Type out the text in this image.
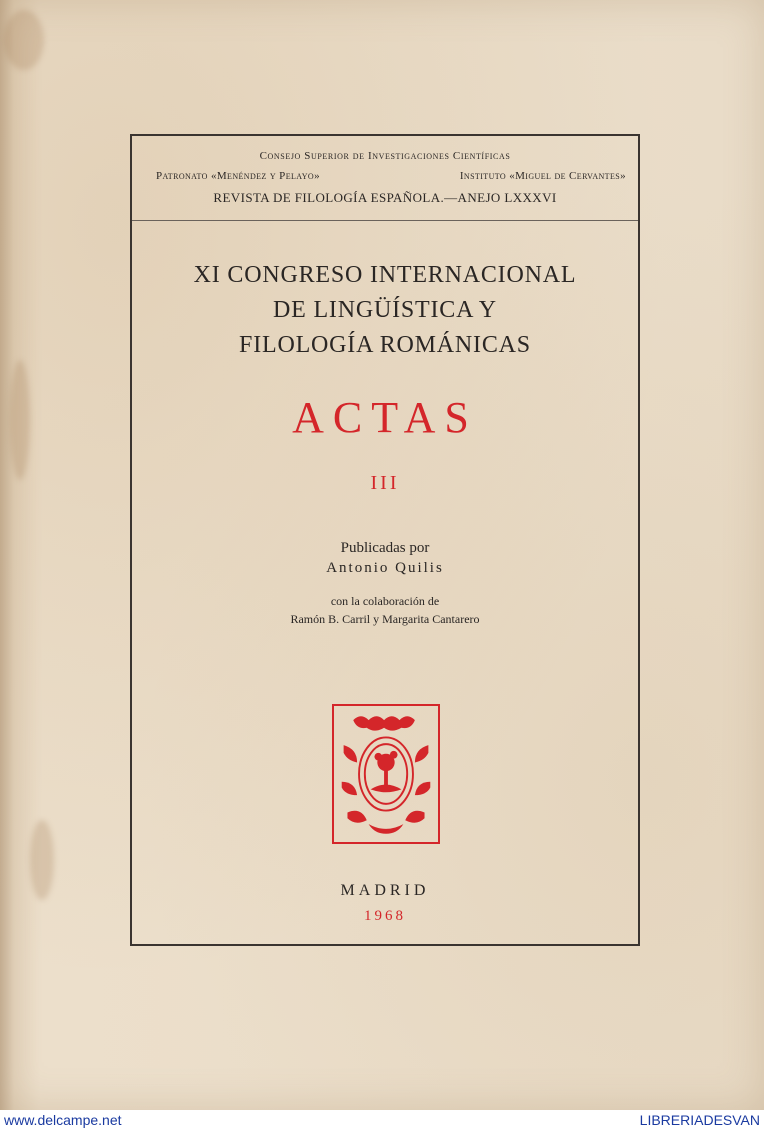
Consejo Superior de Investigaciones Científicas
Patronato «Menéndez y Pelayo»	Instituto «Miguel de Cervantes»
REVISTA DE FILOLOGÍA ESPAÑOLA.—ANEJO LXXXVI
XI CONGRESO INTERNACIONAL
DE LINGÜÍSTICA Y
FILOLOGÍA ROMÁNICAS
ACTAS
III
Publicadas por
Antonio Quilis
con la colaboración de
Ramón B. Carril y Margarita Cantarero
MADRID
1968
www.delcampe.net	LIBRERIADESVAN
